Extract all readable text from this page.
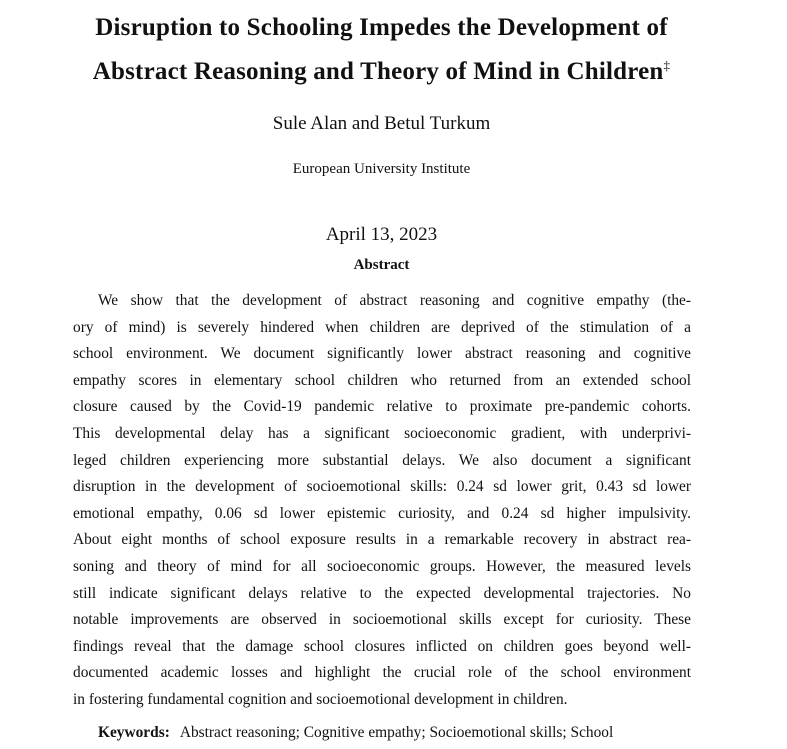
Disruption to Schooling Impedes the Development of
Abstract Reasoning and Theory of Mind in Children‡
Sule Alan and Betul Turkum
European University Institute
April 13, 2023
Abstract
We show that the development of abstract reasoning and cognitive empathy (the-
ory of mind) is severely hindered when children are deprived of the stimulation of a
school environment. We document significantly lower abstract reasoning and cognitive
empathy scores in elementary school children who returned from an extended school
closure caused by the Covid-19 pandemic relative to proximate pre-pandemic cohorts.
This developmental delay has a significant socioeconomic gradient, with underprivi-
leged children experiencing more substantial delays. We also document a significant
disruption in the development of socioemotional skills: 0.24 sd lower grit, 0.43 sd lower
emotional empathy, 0.06 sd lower epistemic curiosity, and 0.24 sd higher impulsivity.
About eight months of school exposure results in a remarkable recovery in abstract rea-
soning and theory of mind for all socioeconomic groups. However, the measured levels
still indicate significant delays relative to the expected developmental trajectories. No
notable improvements are observed in socioemotional skills except for curiosity. These
findings reveal that the damage school closures inflicted on children goes beyond well-
documented academic losses and highlight the crucial role of the school environment
in fostering fundamental cognition and socioemotional development in children.
Keywords: Abstract reasoning; Cognitive empathy; Socioemotional skills; School
